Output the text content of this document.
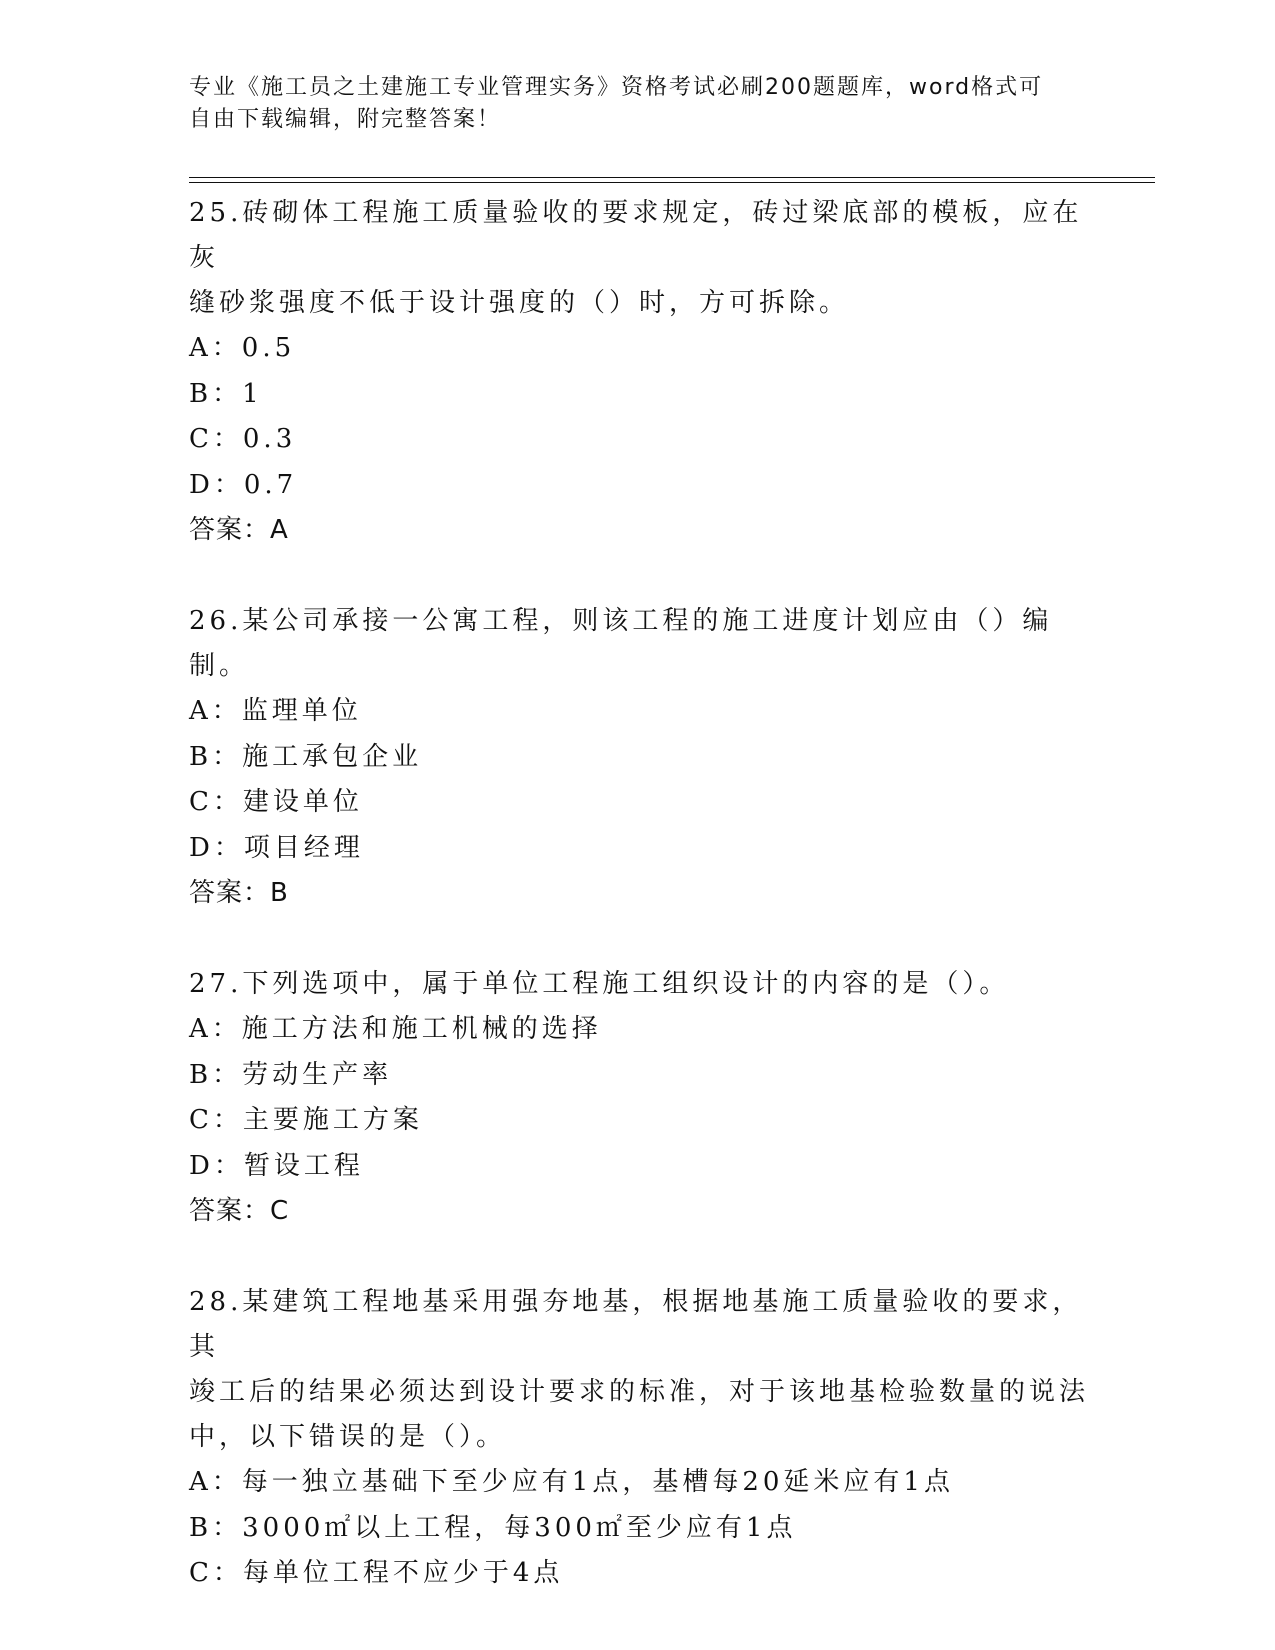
专业《施工员之土建施工专业管理实务》资格考试必刷200题题库，word格式可
自由下载编辑，附完整答案！
25.砖砌体工程施工质量验收的要求规定，砖过梁底部的模板，应在灰
缝砂浆强度不低于设计强度的（）时，方可拆除。
A：0.5
B：1
C：0.3
D：0.7
答案：A
26.某公司承接一公寓工程，则该工程的施工进度计划应由（）编制。
A：监理单位
B：施工承包企业
C：建设单位
D：项目经理
答案：B
27.下列选项中，属于单位工程施工组织设计的内容的是（）。
A：施工方法和施工机械的选择
B：劳动生产率
C：主要施工方案
D：暂设工程
答案：C
28.某建筑工程地基采用强夯地基，根据地基施工质量验收的要求，其
竣工后的结果必须达到设计要求的标准，对于该地基检验数量的说法
中，以下错误的是（）。
A：每一独立基础下至少应有1点，基槽每20延米应有1点
B：3000㎡以上工程，每300㎡至少应有1点
C：每单位工程不应少于4点
